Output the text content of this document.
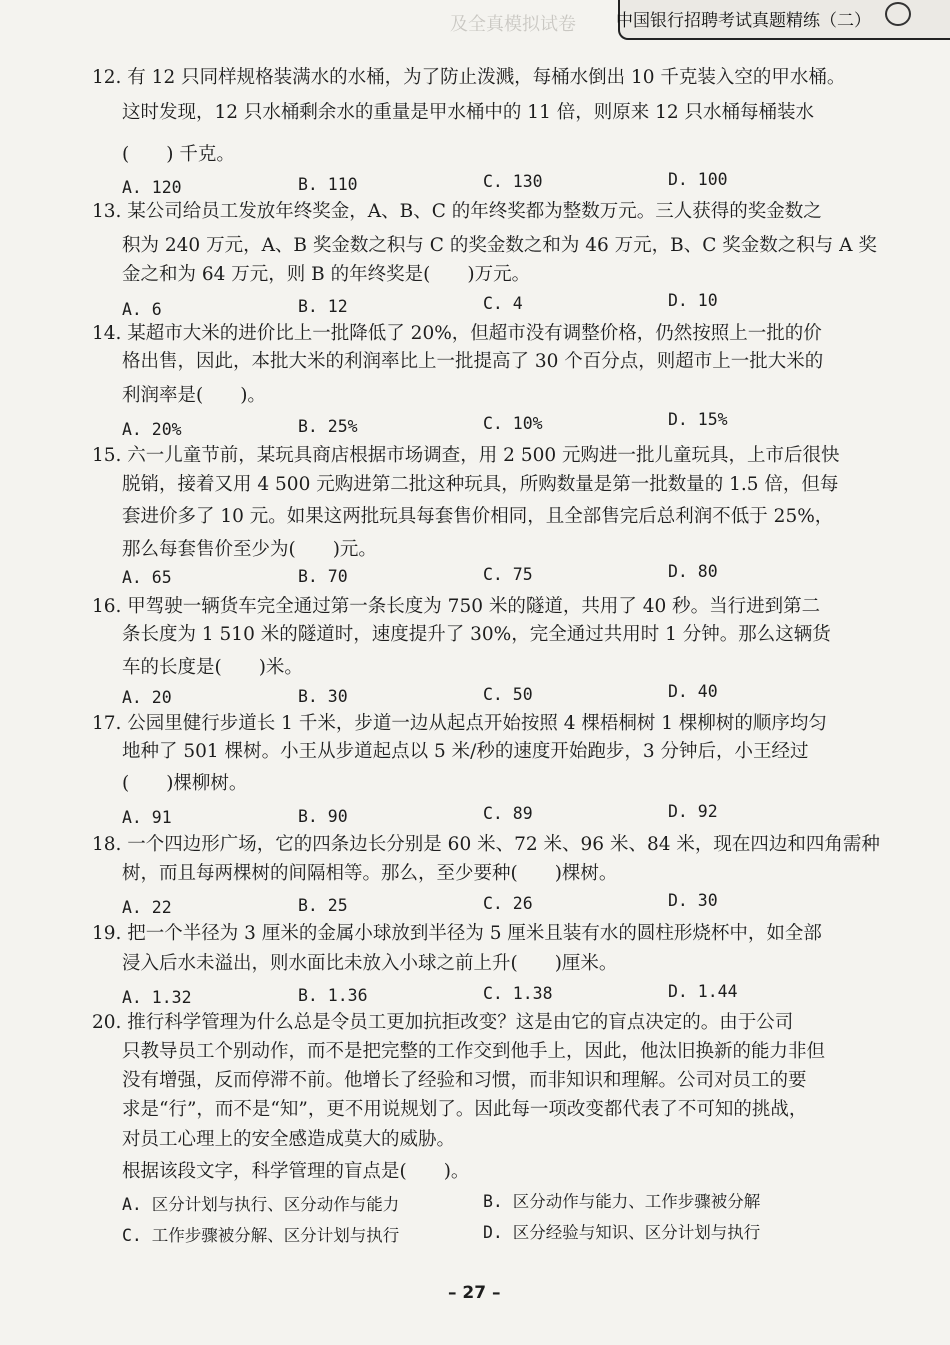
及全真模拟试卷 中国银行招聘考试真题精练（二）
12. 有 12 只同样规格装满水的水桶，为了防止泼溅，每桶水倒出 10 千克装入空的甲水桶。
这时发现，12 只水桶剩余水的重量是甲水桶中的 11 倍，则原来 12 只水桶每桶装水
(　　) 千克。
A. 120	B. 110	C. 130	D. 100
13. 某公司给员工发放年终奖金，A、B、C 的年终奖都为整数万元。三人获得的奖金数之
积为 240 万元，A、B 奖金数之积与 C 的奖金数之和为 46 万元，B、C 奖金数之积与 A 奖
金之和为 64 万元，则 B 的年终奖是(　　)万元。
A. 6	B. 12	C. 4	D. 10
14. 某超市大米的进价比上一批降低了 20%，但超市没有调整价格，仍然按照上一批的价
格出售，因此，本批大米的利润率比上一批提高了 30 个百分点，则超市上一批大米的
利润率是(　　)。
A. 20%	B. 25%	C. 10%	D. 15%
15. 六一儿童节前，某玩具商店根据市场调查，用 2 500 元购进一批儿童玩具，上市后很快
脱销，接着又用 4 500 元购进第二批这种玩具，所购数量是第一批数量的 1.5 倍，但每
套进价多了 10 元。如果这两批玩具每套售价相同，且全部售完后总利润不低于 25%，
那么每套售价至少为(　　)元。
A. 65	B. 70	C. 75	D. 80
16. 甲驾驶一辆货车完全通过第一条长度为 750 米的隧道，共用了 40 秒。当行进到第二
条长度为 1 510 米的隧道时，速度提升了 30%，完全通过共用时 1 分钟。那么这辆货
车的长度是(　　)米。
A. 20	B. 30	C. 50	D. 40
17. 公园里健行步道长 1 千米，步道一边从起点开始按照 4 棵梧桐树 1 棵柳树的顺序均匀
地种了 501 棵树。小王从步道起点以 5 米/秒的速度开始跑步，3 分钟后，小王经过
(　　)棵柳树。
A. 91	B. 90	C. 89	D. 92
18. 一个四边形广场，它的四条边长分别是 60 米、72 米、96 米、84 米，现在四边和四角需种
树，而且每两棵树的间隔相等。那么，至少要种(　　)棵树。
A. 22	B. 25	C. 26	D. 30
19. 把一个半径为 3 厘米的金属小球放到半径为 5 厘米且装有水的圆柱形烧杯中，如全部
浸入后水未溢出，则水面比未放入小球之前上升(　　)厘米。
A. 1.32	B. 1.36	C. 1.38	D. 1.44
20. 推行科学管理为什么总是令员工更加抗拒改变？这是由它的盲点决定的。由于公司
只教导员工个别动作，而不是把完整的工作交到他手上，因此，他汰旧换新的能力非但
没有增强，反而停滞不前。他增长了经验和习惯，而非知识和理解。公司对员工的要
求是“行”，而不是“知”，更不用说规划了。因此每一项改变都代表了不可知的挑战，
对员工心理上的安全感造成莫大的威胁。
根据该段文字，科学管理的盲点是(　　)。
A. 区分计划与执行、区分动作与能力	B. 区分动作与能力、工作步骤被分解
C. 工作步骤被分解、区分计划与执行	D. 区分经验与知识、区分计划与执行
– 27 –
